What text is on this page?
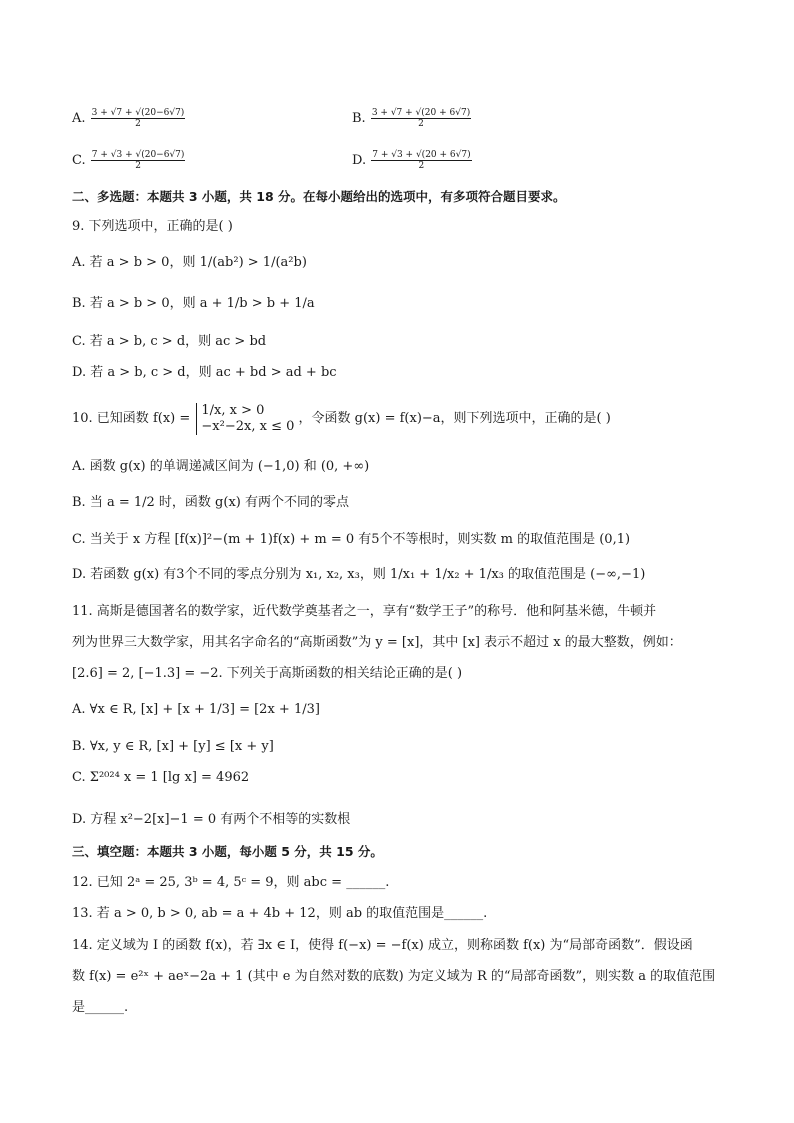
A. $\frac{3 + √7 + √(20-6√7)}{2}$	B. $\frac{3 + √7 + √(20 + 6√7)}{2}$
C. $\frac{7 + √3 + √(20-6√7)}{2}$	D. $\frac{7 + √3 + √(20 + 6√7)}{2}$
二、多选题：本题共 3 小题，共 18 分。在每小题给出的选项中，有多项符合题目要求。
9. 下列选项中，正确的是( )
A. 若 a > b > 0，则 1/(ab²) > 1/(a²b)
B. 若 a > b > 0，则 a + 1/b > b + 1/a
C. 若 a > b, c > d，则 ac > bd
D. 若 a > b, c > d，则 ac + bd > ad + bc
10. 已知函数 f(x) =
1/x, x > 0
−x²−2x, x ≤ 0 ，令函数 g(x) = f(x)−a，则下列选项中，正确的是( )
A. 函数 g(x) 的单调递减区间为 (−1,0) 和 (0, +∞)
B. 当 a = 1/2 时，函数 g(x) 有两个不同的零点
C. 当关于 x 方程 [f(x)]²−(m + 1)f(x) + m = 0 有5个不等根时，则实数 m 的取值范围是 (0,1)
D. 若函数 g(x) 有3个不同的零点分别为 x₁, x₂, x₃，则 1/x₁ + 1/x₂ + 1/x₃ 的取值范围是 (−∞,−1)
11. 高斯是德国著名的数学家，近代数学奠基者之一，享有“数学王子”的称号．他和阿基米德，牛顿并
列为世界三大数学家，用其名字命名的“高斯函数”为 y = [x]，其中 [x] 表示不超过 x 的最大整数，例如：
[2.6] = 2, [−1.3] = −2. 下列关于高斯函数的相关结论正确的是( )
A. ∀x ∈ R, [x] + [x + 1/3] = [2x + 1/3]
B. ∀x, y ∈ R, [x] + [y] ≤ [x + y]
C. Σ²⁰²⁴ x = 1 [lg x] = 4962
D. 方程 x²−2[x]−1 = 0 有两个不相等的实数根
三、填空题：本题共 3 小题，每小题 5 分，共 15 分。
12. 已知 2ᵃ = 25, 3ᵇ = 4, 5ᶜ = 9，则 abc = ______.
13. 若 a > 0, b > 0, ab = a + 4b + 12，则 ab 的取值范围是______.
14. 定义域为 I 的函数 f(x)，若 ∃x ∈ I，使得 f(−x) = −f(x) 成立，则称函数 f(x) 为“局部奇函数”．假设函
数 f(x) = e²ˣ + aeˣ−2a + 1 (其中 e 为自然对数的底数) 为定义域为 R 的“局部奇函数”，则实数 a 的取值范围
是______.
